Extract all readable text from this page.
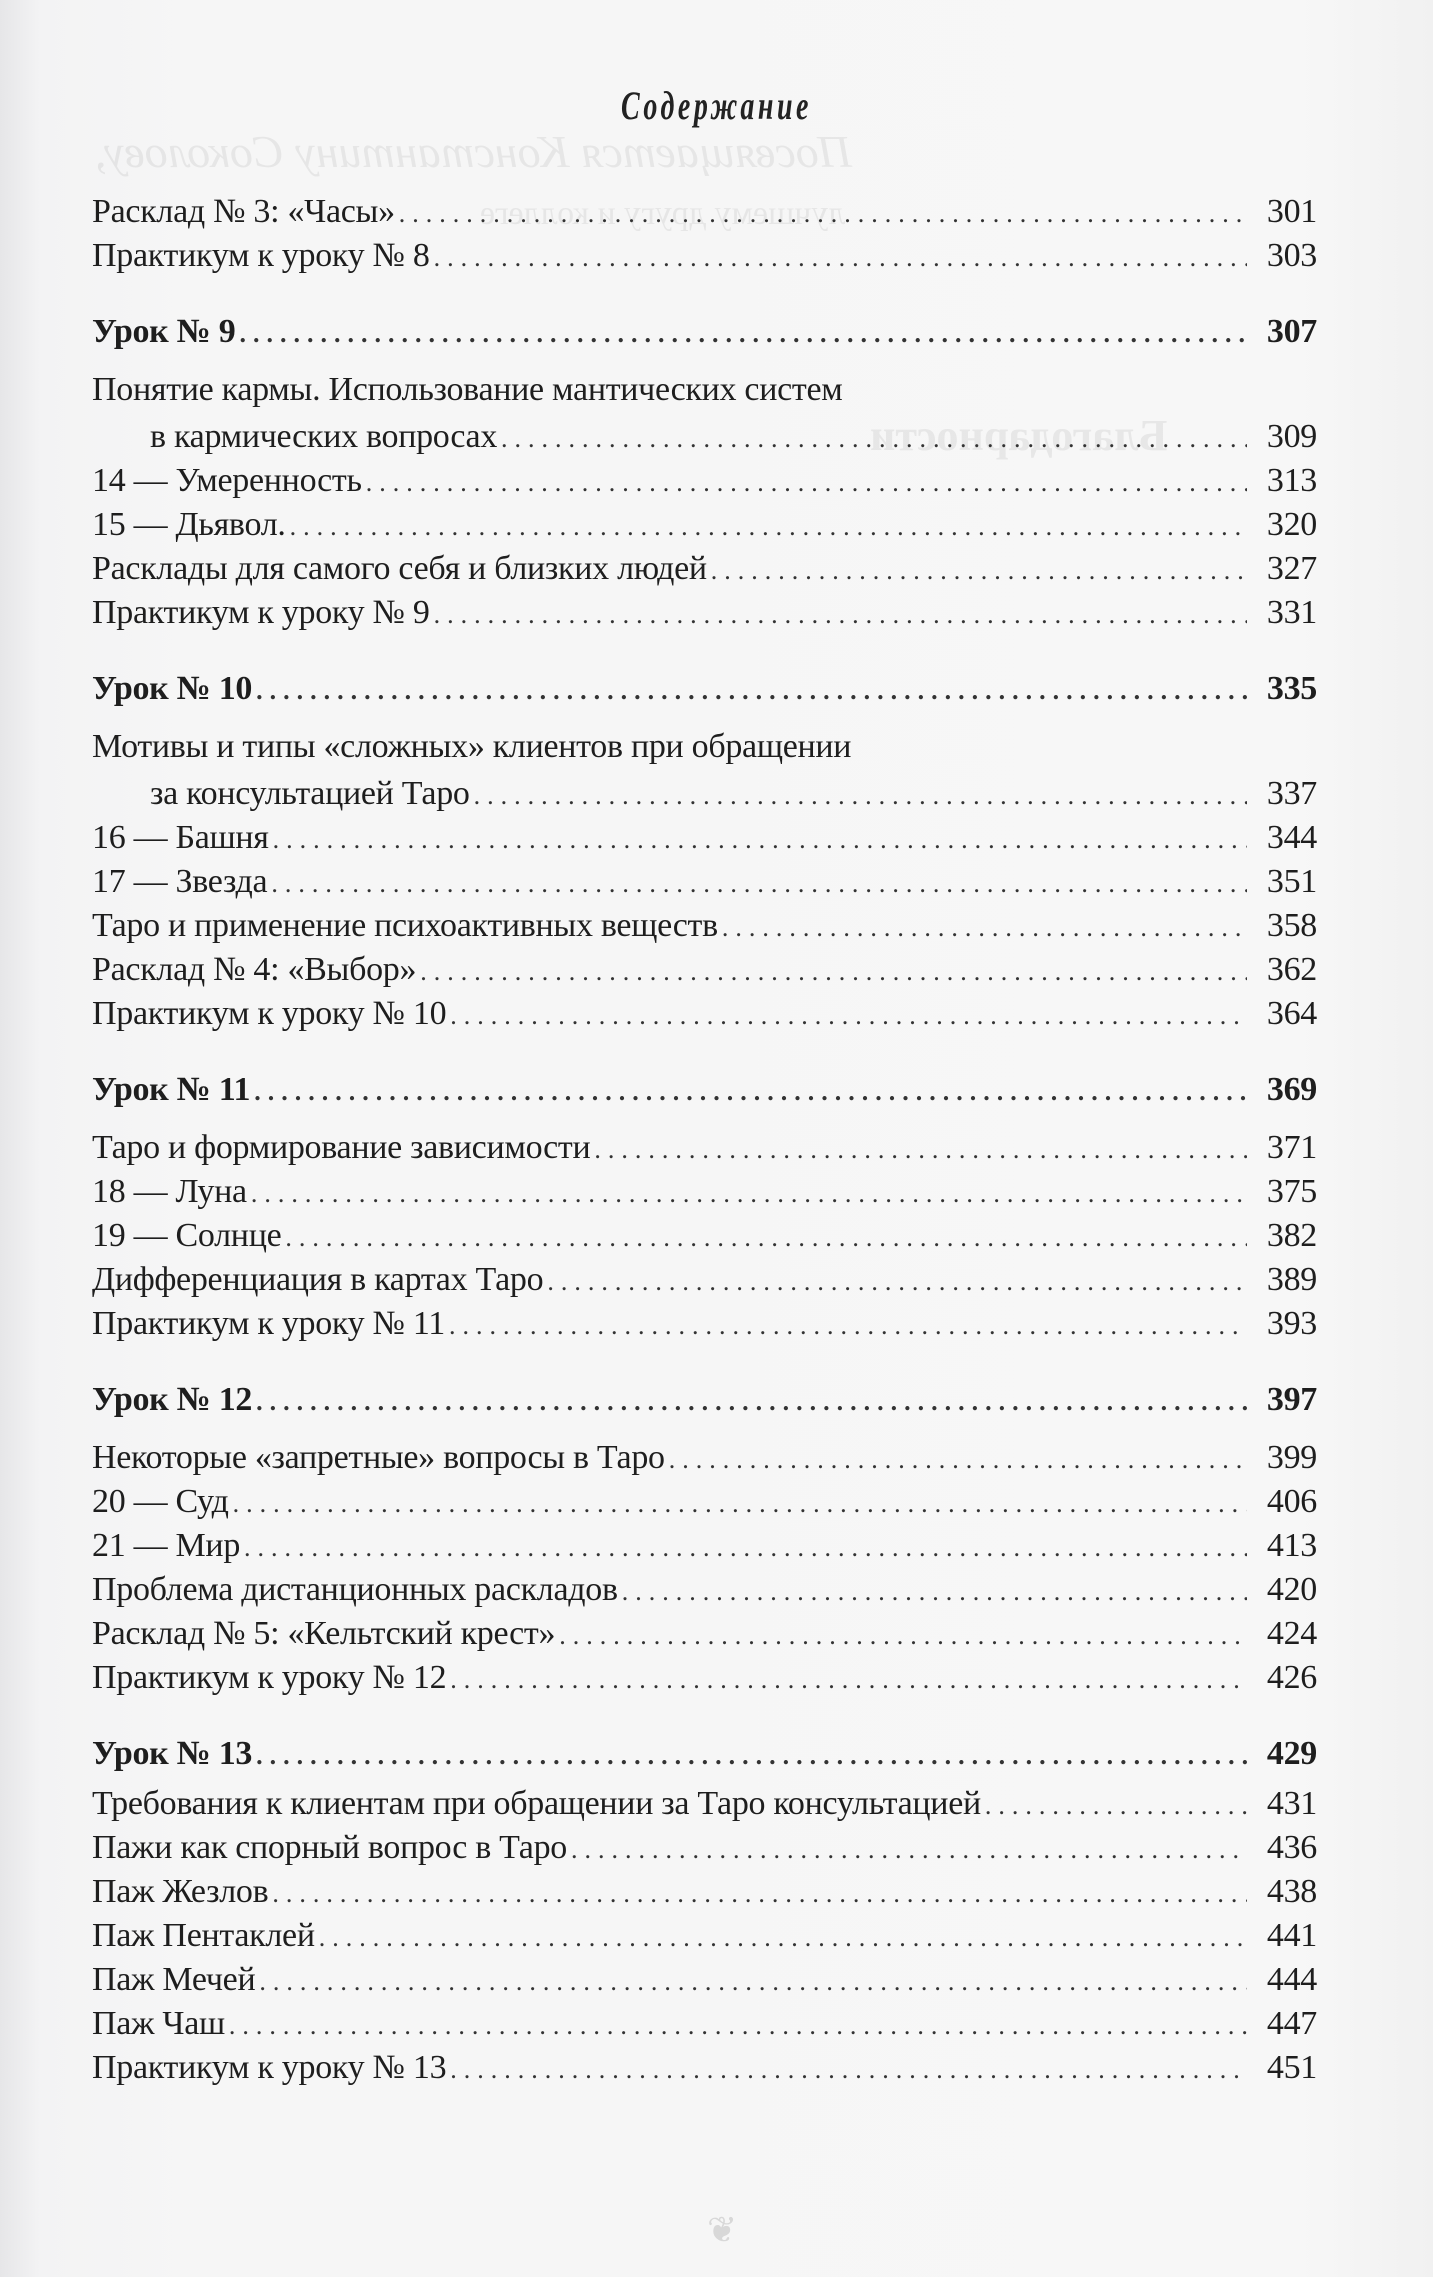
Посвящается Константину Соколову,
лучшему другу и коллеге
Благодарности
Содержание
Расклад № 3: «Часы» .....	301
Практикум к уроку № 8 .....	303
Урок № 9 .....	307
Понятие кармы. Использование мантических систем
в кармических вопросах .....	309
14 — Умеренность .....	313
15 — Дьявол. .....	320
Расклады для самого себя и близких людей .....	327
Практикум к уроку № 9 .....	331
Урок № 10 .....	335
Мотивы и типы «сложных» клиентов при обращении
за консультацией Таро .....	337
16 — Башня .....	344
17 — Звезда .....	351
Таро и применение психоактивных веществ .....	358
Расклад № 4: «Выбор» .....	362
Практикум к уроку № 10 .....	364
Урок № 11 .....	369
Таро и формирование зависимости .....	371
18 — Луна .....	375
19 — Солнце .....	382
Дифференциация в картах Таро .....	389
Практикум к уроку № 11 .....	393
Урок № 12 .....	397
Некоторые «запретные» вопросы в Таро .....	399
20 — Суд .....	406
21 — Мир .....	413
Проблема дистанционных раскладов .....	420
Расклад № 5: «Кельтский крест» .....	424
Практикум к уроку № 12 .....	426
Урок № 13 .....	429
Требования к клиентам при обращении за Таро консультацией .....	431
Пажи как спорный вопрос в Таро .....	436
Паж Жезлов .....	438
Паж Пентаклей .....	441
Паж Мечей .....	444
Паж Чаш .....	447
Практикум к уроку № 13 .....	451
❦
